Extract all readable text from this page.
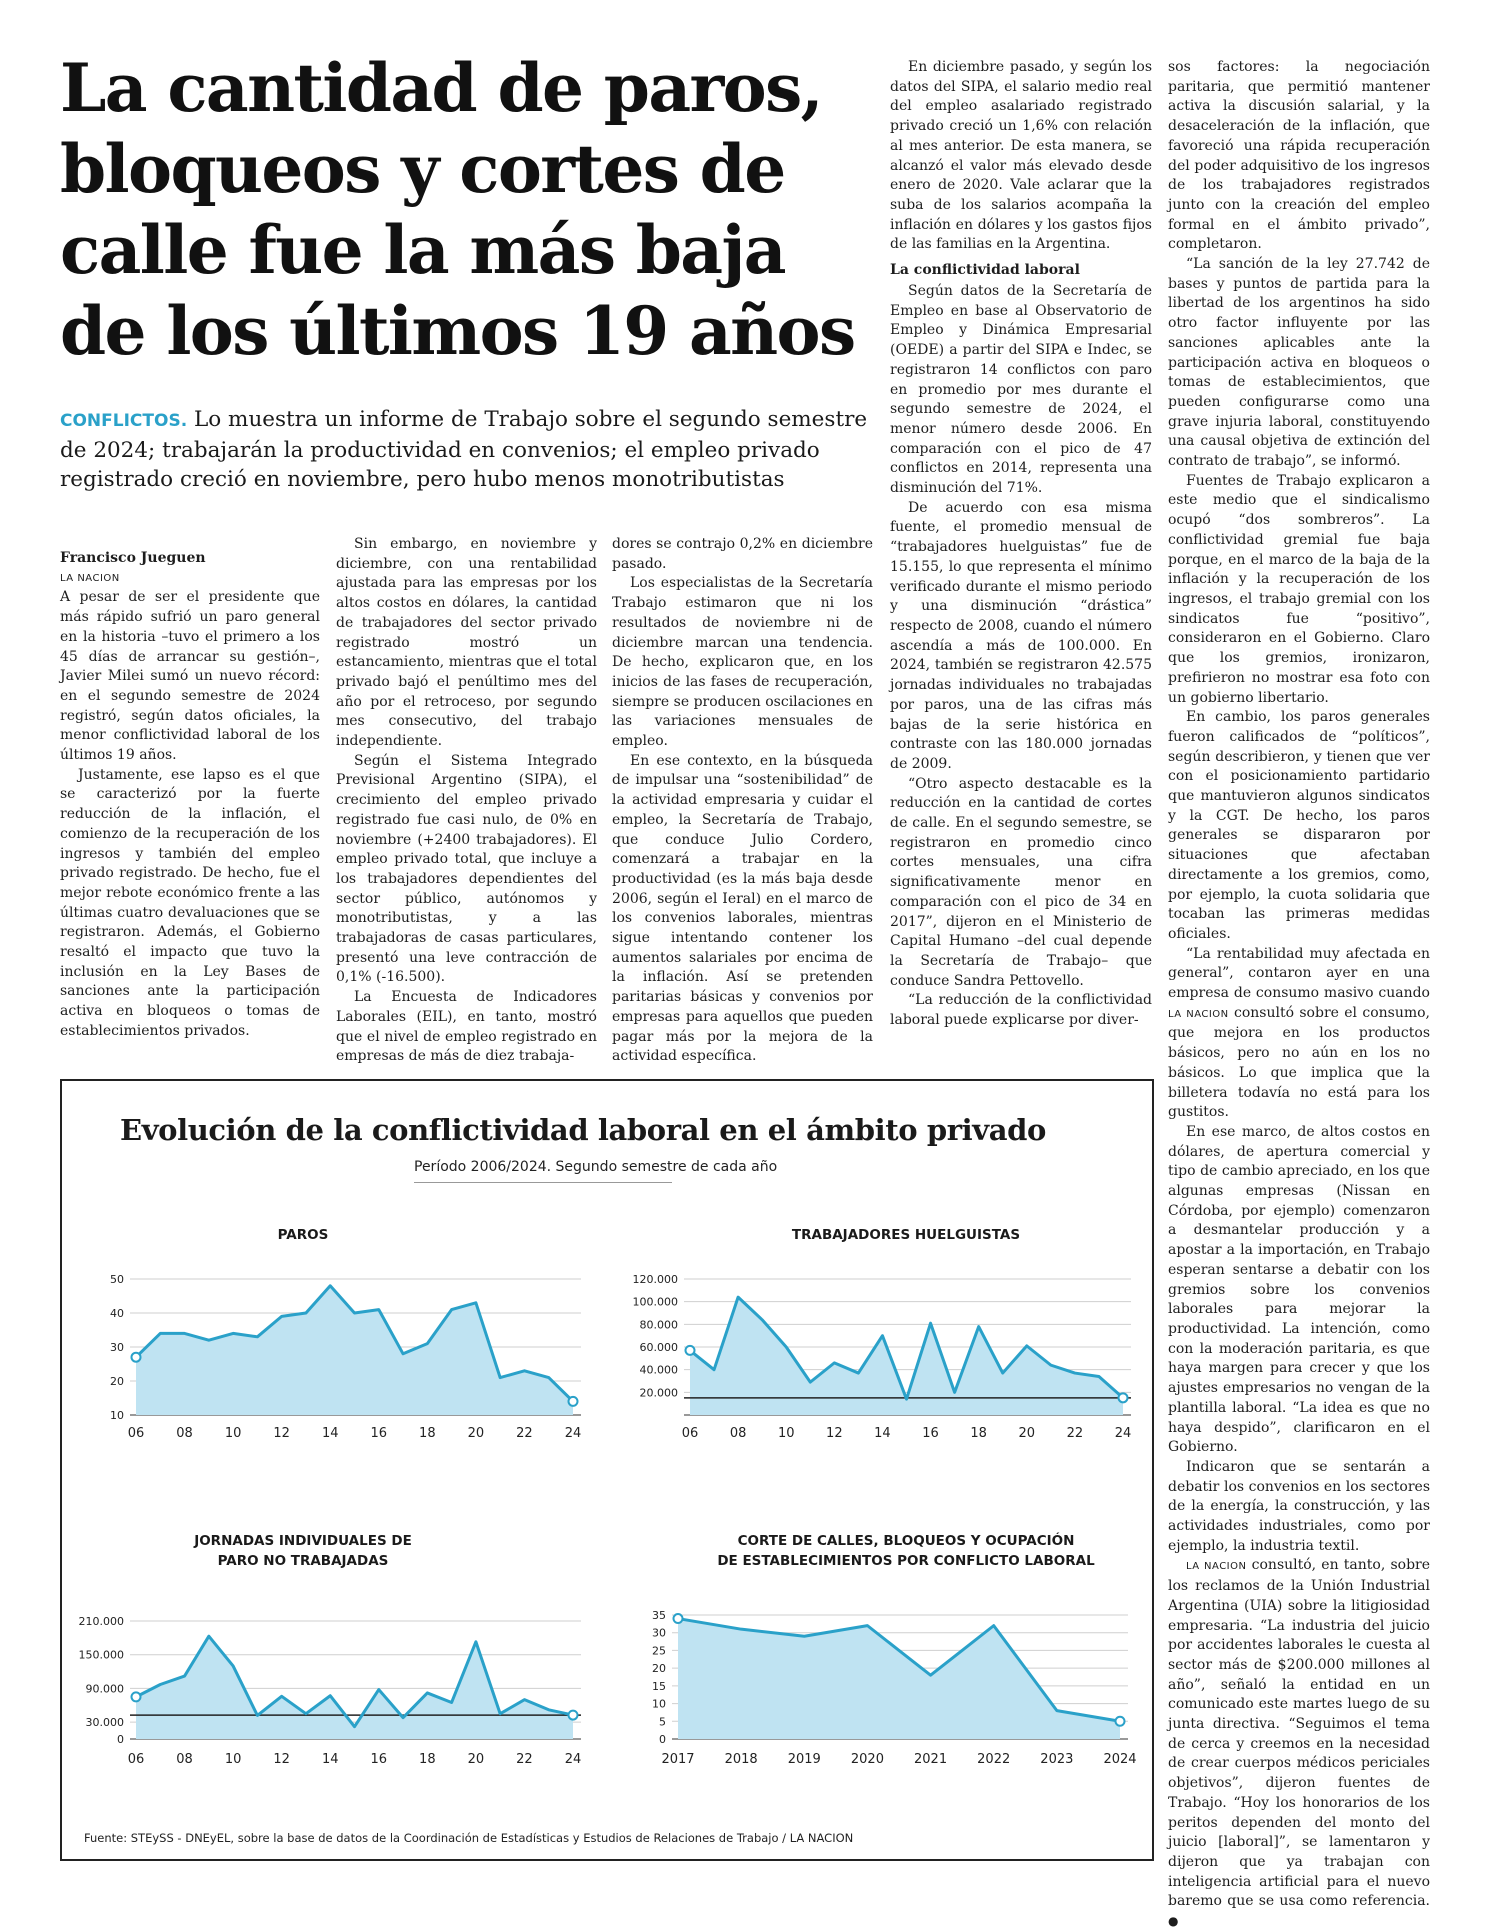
La cantidad de paros, bloqueos y cortes de calle fue la más baja de los últimos 19 años
CONFLICTOS. Lo muestra un informe de Trabajo sobre el segundo semestre de 2024; trabajarán la productividad en convenios; el empleo privado registrado creció en noviembre, pero hubo menos monotributistas

Francisco Jueguen

LA NACION

A pesar de ser el presidente que más rápido sufrió un paro general en la historia –tuvo el primero a los 45 días de arrancar su gestión–, Javier Milei sumó un nuevo récord: en el segundo semestre de 2024 registró, según datos oficiales, la menor conflictividad laboral de los últimos 19 años.

Justamente, ese lapso es el que se caracterizó por la fuerte reducción de la inflación, el comienzo de la recuperación de los ingresos y también del empleo privado registrado. De hecho, fue el mejor rebote económico frente a las últimas cuatro devaluaciones que se registraron. Además, el Gobierno resaltó el impacto que tuvo la inclusión en la Ley Bases de sanciones ante la participación activa en bloqueos o tomas de establecimientos privados.

Sin embargo, en noviembre y diciembre, con una rentabilidad ajustada para las empresas por los altos costos en dólares, la cantidad de trabajadores del sector privado registrado mostró un estancamiento, mientras que el total privado bajó el penúltimo mes del año por el retroceso, por segundo mes consecutivo, del trabajo independiente.

Según el Sistema Integrado Previsional Argentino (SIPA), el crecimiento del empleo privado registrado fue casi nulo, de 0% en noviembre (+2400 trabajadores). El empleo privado total, que incluye a los trabajadores dependientes del sector público, autónomos y monotributistas, y a las trabajadoras de casas particulares, presentó una leve contracción de 0,1% (-16.500).

La Encuesta de Indicadores Laborales (EIL), en tanto, mostró que el nivel de empleo registrado en empresas de más de diez trabaja-

dores se contrajo 0,2% en diciembre pasado.

Los especialistas de la Secretaría Trabajo estimaron que ni los resultados de noviembre ni de diciembre marcan una tendencia. De hecho, explicaron que, en los inicios de las fases de recuperación, siempre se producen oscilaciones en las variaciones mensuales de empleo.

En ese contexto, en la búsqueda de impulsar una “sostenibilidad” de la actividad empresaria y cuidar el empleo, la Secretaría de Trabajo, que conduce Julio Cordero, comenzará a trabajar en la productividad (es la más baja desde 2006, según el Ieral) en el marco de los convenios laborales, mientras sigue intentando contener los aumentos salariales por encima de la inflación. Así se pretenden paritarias básicas y convenios por empresas para aquellos que pueden pagar más por la mejora de la actividad específica.

En diciembre pasado, y según los datos del SIPA, el salario medio real del empleo asalariado registrado privado creció un 1,6% con relación al mes anterior. De esta manera, se alcanzó el valor más elevado desde enero de 2020. Vale aclarar que la suba de los salarios acompaña la inflación en dólares y los gastos fijos de las familias en la Argentina.

La conflictividad laboral

Según datos de la Secretaría de Empleo en base al Observatorio de Empleo y Dinámica Empresarial (OEDE) a partir del SIPA e Indec, se registraron 14 conflictos con paro en promedio por mes durante el segundo semestre de 2024, el menor número desde 2006. En comparación con el pico de 47 conflictos en 2014, representa una disminución del 71%.

De acuerdo con esa misma fuente, el promedio mensual de “trabajadores huelguistas” fue de 15.155, lo que representa el mínimo verificado durante el mismo periodo y una disminución “drástica” respecto de 2008, cuando el número ascendía a más de 100.000. En 2024, también se registraron 42.575 jornadas individuales no trabajadas por paros, una de las cifras más bajas de la serie histórica en contraste con las 180.000 jornadas de 2009.

“Otro aspecto destacable es la reducción en la cantidad de cortes de calle. En el segundo semestre, se registraron en promedio cinco cortes mensuales, una cifra significativamente menor en comparación con el pico de 34 en 2017”, dijeron en el Ministerio de Capital Humano –del cual depende la Secretaría de Trabajo– que conduce Sandra Pettovello.

“La reducción de la conflictividad laboral puede explicarse por diver-

sos factores: la negociación paritaria, que permitió mantener activa la discusión salarial, y la desaceleración de la inflación, que favoreció una rápida recuperación del poder adquisitivo de los ingresos de los trabajadores registrados junto con la creación del empleo formal en el ámbito privado”, completaron.

“La sanción de la ley 27.742 de bases y puntos de partida para la libertad de los argentinos ha sido otro factor influyente por las sanciones aplicables ante la participación activa en bloqueos o tomas de establecimientos, que pueden configurarse como una grave injuria laboral, constituyendo una causal objetiva de extinción del contrato de trabajo”, se informó.

Fuentes de Trabajo explicaron a este medio que el sindicalismo ocupó “dos sombreros”. La conflictividad gremial fue baja porque, en el marco de la baja de la inflación y la recuperación de los ingresos, el trabajo gremial con los sindicatos fue “positivo”, consideraron en el Gobierno. Claro que los gremios, ironizaron, prefirieron no mostrar esa foto con un gobierno libertario.

En cambio, los paros generales fueron calificados de “políticos”, según describieron, y tienen que ver con el posicionamiento partidario que mantuvieron algunos sindicatos y la CGT. De hecho, los paros generales se dispararon por situaciones que afectaban directamente a los gremios, como, por ejemplo, la cuota solidaria que tocaban las primeras medidas oficiales.

“La rentabilidad muy afectada en general”, contaron ayer en una empresa de consumo masivo cuando LA NACION consultó sobre el consumo, que mejora en los productos básicos, pero no aún en los no básicos. Lo que implica que la billetera todavía no está para los gustitos.

En ese marco, de altos costos en dólares, de apertura comercial y tipo de cambio apreciado, en los que algunas empresas (Nissan en Córdoba, por ejemplo) comenzaron a desmantelar producción y a apostar a la importación, en Trabajo esperan sentarse a debatir con los gremios sobre los convenios laborales para mejorar la productividad. La intención, como con la moderación paritaria, es que haya margen para crecer y que los ajustes empresarios no vengan de la plantilla laboral. “La idea es que no haya despido”, clarificaron en el Gobierno.

Indicaron que se sentarán a debatir los convenios en los sectores de la energía, la construcción, y las actividades industriales, como por ejemplo, la industria textil.

LA NACION consultó, en tanto, sobre los reclamos de la Unión Industrial Argentina (UIA) sobre la litigiosidad empresaria. “La industria del juicio por accidentes laborales le cuesta al sector más de $200.000 millones al año”, señaló la entidad en un comunicado este martes luego de su junta directiva. “Seguimos el tema de cerca y creemos en la necesidad de crear cuerpos médicos periciales objetivos”, dijeron fuentes de Trabajo. “Hoy los honorarios de los peritos dependen del monto del juicio [laboral]”, se lamentaron y dijeron que ya trabajan con inteligencia artificial para el nuevo baremo que se usa como referencia. ●

Evolución de la conflictividad laboral en el ámbito privado

Período 2006/2024. Segundo semestre de cada año

PAROS
10
20
30
40
50
06 08 10 12 14 16 18 20 22 24
TRABAJADORES HUELGUISTAS
20.000
40.000
60.000
80.000
100.000
120.000
06 08 10 12 14 16 18 20 22 24
JORNADAS INDIVIDUALES DE
PARO NO TRABAJADAS
0
30.000
90.000
150.000
210.000
06 08 10 12 14 16 18 20 22 24
CORTE DE CALLES, BLOQUEOS Y OCUPACIÓN
DE ESTABLECIMIENTOS POR CONFLICTO LABORAL
0
5
10
15
20
25
30
35
2017 2018 2019 2020 2021 2022 2023 2024

Fuente: STEySS - DNEyEL, sobre la base de datos de la Coordinación de Estadísticas y Estudios de Relaciones de Trabajo / LA NACION
